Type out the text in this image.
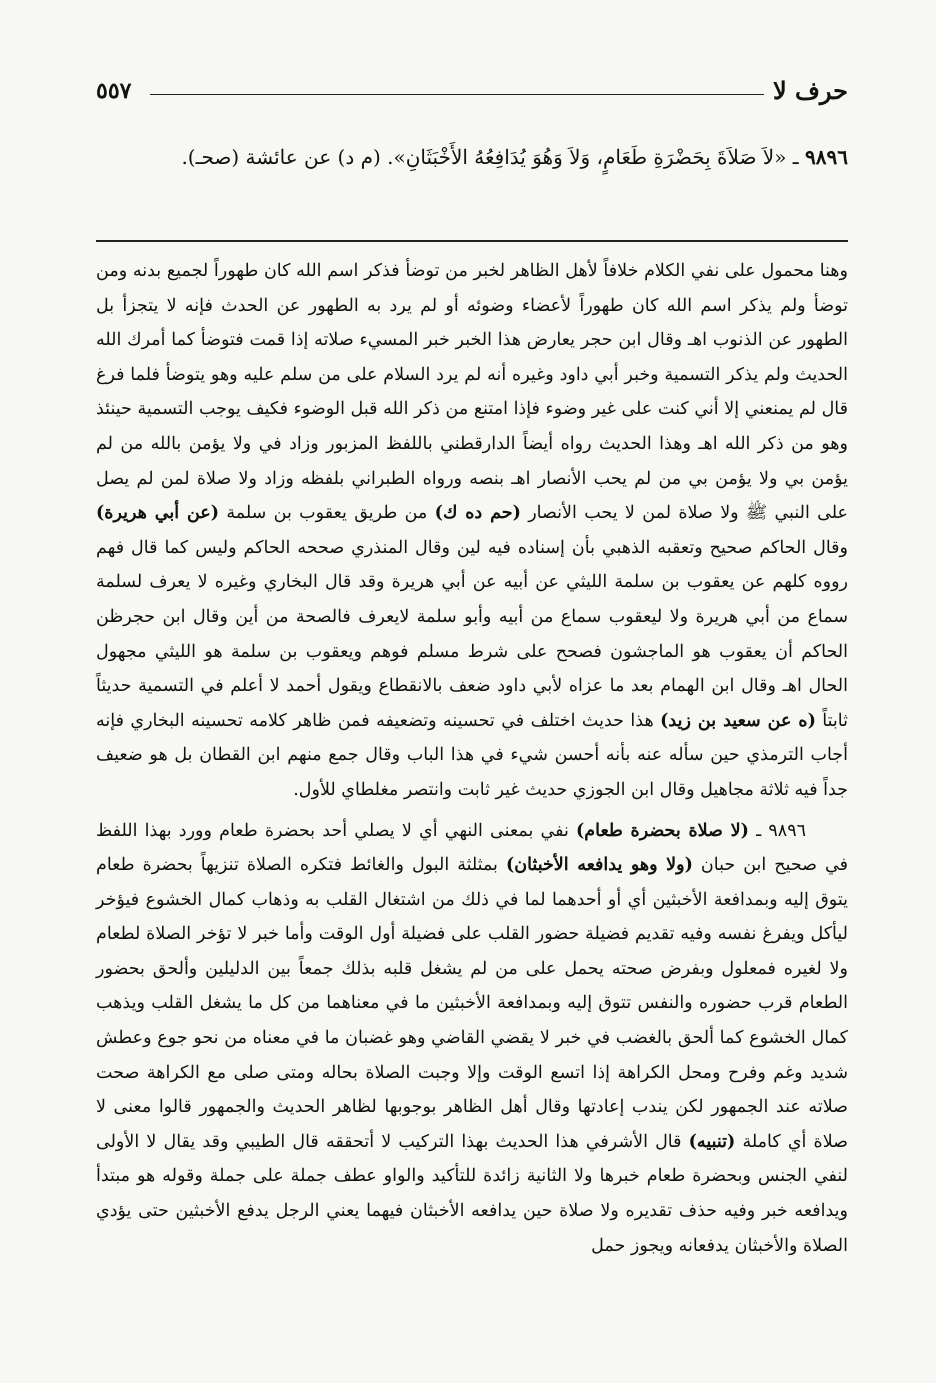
٥٥٧	حرف لا
٩٨٩٦ ـ «لاَ صَلاَةَ بِحَضْرَةِ طَعَامٍ، وَلاَ وَهُوَ يُدَافِعُهُ الأَخْبَثَانِ». (م د) عن عائشة (صحـ).

وهنا محمول على نفي الكلام خلافاً لأهل الظاهر لخبر من توضأ فذكر اسم الله كان طهوراً لجميع بدنه ومن توضأ ولم يذكر اسم الله كان طهوراً لأعضاء وضوئه أو لم يرد به الطهور عن الحدث فإنه لا يتجزأ بل الطهور عن الذنوب اهـ وقال ابن حجر يعارض هذا الخبر خبر المسيء صلاته إذا قمت فتوضأ كما أمرك الله الحديث ولم يذكر التسمية وخبر أبي داود وغيره أنه لم يرد السلام على من سلم عليه وهو يتوضأ فلما فرغ قال لم يمنعني إلا أني كنت على غير وضوء فإذا امتنع من ذكر الله قبل الوضوء فكيف يوجب التسمية حينئذ وهو من ذكر الله اهـ وهذا الحديث رواه أيضاً الدارقطني باللفظ المزبور وزاد في ولا يؤمن بالله من لم يؤمن بي ولا يؤمن بي من لم يحب الأنصار اهـ بنصه ورواه الطبراني بلفظه وزاد ولا صلاة لمن لم يصل على النبي ﷺ ولا صلاة لمن لا يحب الأنصار (حم ده ك) من طريق يعقوب بن سلمة (عن أبي هريرة) وقال الحاكم صحيح وتعقبه الذهبي بأن إسناده فيه لين وقال المنذري صححه الحاكم وليس كما قال فهم رووه كلهم عن يعقوب بن سلمة الليثي عن أبيه عن أبي هريرة وقد قال البخاري وغيره لا يعرف لسلمة سماع من أبي هريرة ولا ليعقوب سماع من أبيه وأبو سلمة لايعرف فالصحة من أين وقال ابن حجرظن الحاكم أن يعقوب هو الماجشون فصحح على شرط مسلم فوهم ويعقوب بن سلمة هو الليثي مجهول الحال اهـ وقال ابن الهمام بعد ما عزاه لأبي داود ضعف بالانقطاع ويقول أحمد لا أعلم في التسمية حديثاً ثابتاً (ه عن سعيد بن زيد) هذا حديث اختلف في تحسينه وتضعيفه فمن ظاهر كلامه تحسينه البخاري فإنه أجاب الترمذي حين سأله عنه بأنه أحسن شيء في هذا الباب وقال جمع منهم ابن القطان بل هو ضعيف جداً فيه ثلاثة مجاهيل وقال ابن الجوزي حديث غير ثابت وانتصر مغلطاي للأول.

٩٨٩٦ ـ (لا صلاة بحضرة طعام) نفي بمعنى النهي أي لا يصلي أحد بحضرة طعام وورد بهذا اللفظ في صحيح ابن حبان (ولا وهو يدافعه الأخبثان) بمثلثة البول والغائط فتكره الصلاة تنزيهاً بحضرة طعام يتوق إليه وبمدافعة الأخبثين أي أو أحدهما لما في ذلك من اشتغال القلب به وذهاب كمال الخشوع فيؤخر ليأكل ويفرغ نفسه وفيه تقديم فضيلة حضور القلب على فضيلة أول الوقت وأما خبر لا تؤخر الصلاة لطعام ولا لغيره فمعلول وبفرض صحته يحمل على من لم يشغل قلبه بذلك جمعاً بين الدليلين وألحق بحضور الطعام قرب حضوره والنفس تتوق إليه وبمدافعة الأخبثين ما في معناهما من كل ما يشغل القلب ويذهب كمال الخشوع كما ألحق بالغضب في خبر لا يقضي القاضي وهو غضبان ما في معناه من نحو جوع وعطش شديد وغم وفرح ومحل الكراهة إذا اتسع الوقت وإلا وجبت الصلاة بحاله ومتى صلى مع الكراهة صحت صلاته عند الجمهور لكن يندب إعادتها وقال أهل الظاهر بوجوبها لظاهر الحديث والجمهور قالوا معنى لا صلاة أي كاملة (تنبيه) قال الأشرفي هذا الحديث بهذا التركيب لا أتحققه قال الطيبي وقد يقال لا الأولى لنفي الجنس وبحضرة طعام خبرها ولا الثانية زائدة للتأكيد والواو عطف جملة على جملة وقوله هو مبتدأ ويدافعه خبر وفيه حذف تقديره ولا صلاة حين يدافعه الأخبثان فيهما يعني الرجل يدفع الأخبثين حتى يؤدي الصلاة والأخبثان يدفعانه ويجوز حمل
